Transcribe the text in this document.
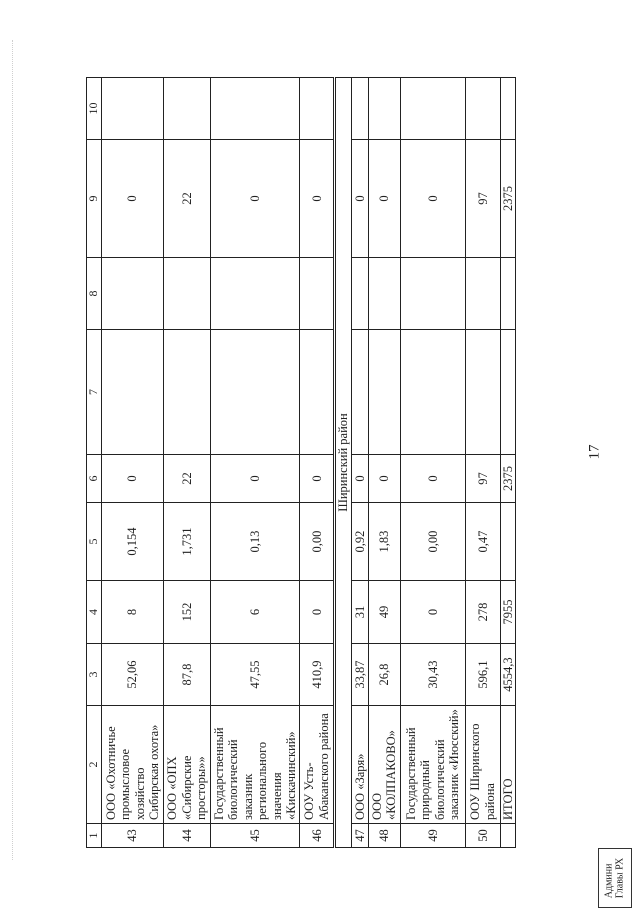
17
1	2	3	4	5	6	7	8	9	10
43	ООО «Охотничье промысловое хозяйство Сибирская охота»	52,06	8	0,154	0			0	
44	ООО «ОПХ «Сибирские просторы»»	87,8	152	1,731	22			22	
45	Государственный биологический заказник регионального значения «Кискачинский»	47,55	6	0,13	0			0	
46	ООУ Усть-Абаканского района	410,9	0	0,00	0			0	
Ширинский район									
47	ООО «Заря»	33,87	31	0,92	0			0	
48	ООО «КОЛПАКОВО»	26,8	49	1,83	0			0	
49	Государственный природный биологический заказник «Июсский»	30,43	0	0,00	0			0	
50	ООУ Ширинского района	596,1	278	0,47	97			97	
	ИТОГО	4554,3	7955		2375			2375	
Админи Главы РХ
